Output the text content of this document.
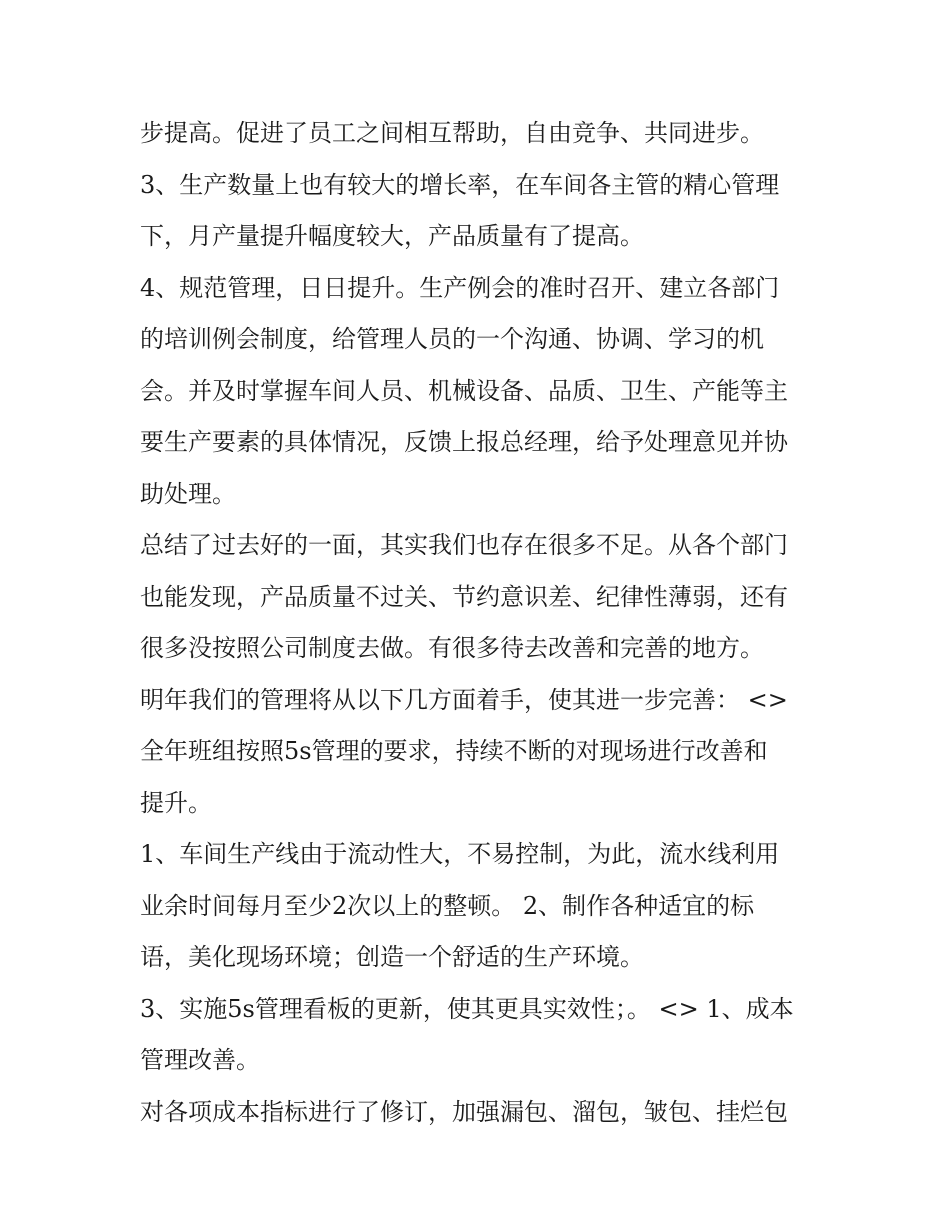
步提高。促进了员工之间相互帮助，自由竞争、共同进步。
3、生产数量上也有较大的增长率，在车间各主管的精心管理
下，月产量提升幅度较大，产品质量有了提高。
4、规范管理，日日提升。生产例会的准时召开、建立各部门
的培训例会制度，给管理人员的一个沟通、协调、学习的机
会。并及时掌握车间人员、机械设备、品质、卫生、产能等主
要生产要素的具体情况，反馈上报总经理，给予处理意见并协
助处理。
总结了过去好的一面，其实我们也存在很多不足。从各个部门
也能发现，产品质量不过关、节约意识差、纪律性薄弱，还有
很多没按照公司制度去做。有很多待去改善和完善的地方。
明年我们的管理将从以下几方面着手，使其进一步完善： <>
全年班组按照5s管理的要求，持续不断的对现场进行改善和
提升。
1、车间生产线由于流动性大，不易控制，为此，流水线利用
业余时间每月至少2次以上的整顿。 2、制作各种适宜的标
语，美化现场环境；创造一个舒适的生产环境。
3、实施5s管理看板的更新，使其更具实效性；。 <> 1、成本
管理改善。
对各项成本指标进行了修订，加强漏包、溜包，皱包、挂烂包
